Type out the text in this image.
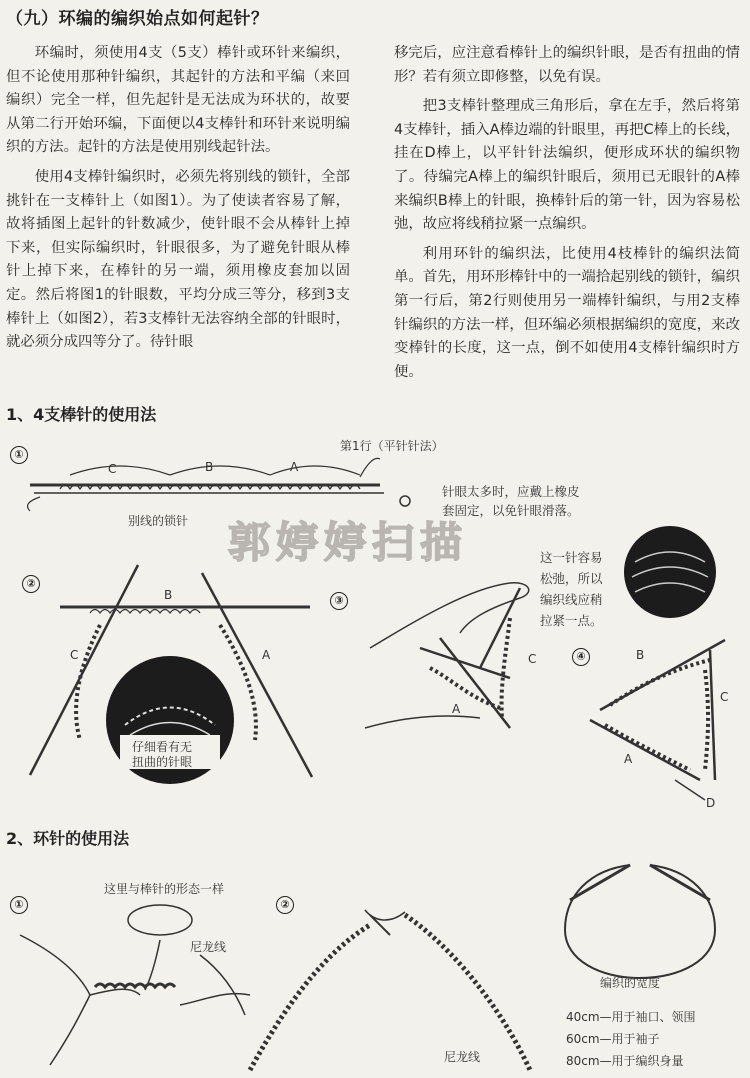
（九）环编的编织始点如何起针？

环编时，须使用4支（5支）棒针或环针来编织，但不论使用那种针编织，其起针的方法和平编（来回编织）完全一样，但先起针是无法成为环状的，故要从第二行开始环编，下面便以4支棒针和环针来说明编织的方法。起针的方法是使用别线起针法。

使用4支棒针编织时，必须先将别线的锁针，全部挑针在一支棒针上（如图1）。为了使读者容易了解，故将插图上起针的针数减少，使针眼不会从棒针上掉下来，但实际编织时，针眼很多，为了避免针眼从棒针上掉下来，在棒针的另一端，须用橡皮套加以固定。然后将图1的针眼数，平均分成三等分，移到3支棒针上（如图2），若3支棒针无法容纳全部的针眼时，就必须分成四等分了。待针眼

移完后，应注意看棒针上的编织针眼，是否有扭曲的情形？若有须立即修整，以免有误。

把3支棒针整理成三角形后，拿在左手，然后将第4支棒针，插入A棒边端的针眼里，再把C棒上的长线，挂在D棒上，以平针针法编织，便形成环状的编织物了。待编完A棒上的编织针眼后，须用已无眼针的A棒来编织B棒上的针眼，换棒针后的第一针，因为容易松弛，故应将线稍拉紧一点编织。

利用环针的编织法，比使用4枝棒针的编织法简单。首先，用环形棒针中的一端拾起别线的锁针，编织第一行后，第2行则使用另一端棒针编织，与用2支棒针编织的方法一样，但环编必须根据编织的宽度，来改变棒针的长度，这一点，倒不如使用4支棒针编织时方便。

1、4支棒针的使用法
第1行（平针针法）
①
C	B	A
别线的锁针
针眼太多时，应戴上橡皮
套固定，以免针眼滑落。
郭婷婷扫描
②
B
C	A
仔细看有无
扭曲的针眼
③
C
A
这一针容易
松弛，所以
编织线应稍
拉紧一点。
④	B
C
A
D
2、环针的使用法
这里与棒针的形态一样
①
尼龙线
②
尼龙线
编织的宽度
40cm—用于袖口、领围
60cm—用于袖子
80cm—用于编织身量
